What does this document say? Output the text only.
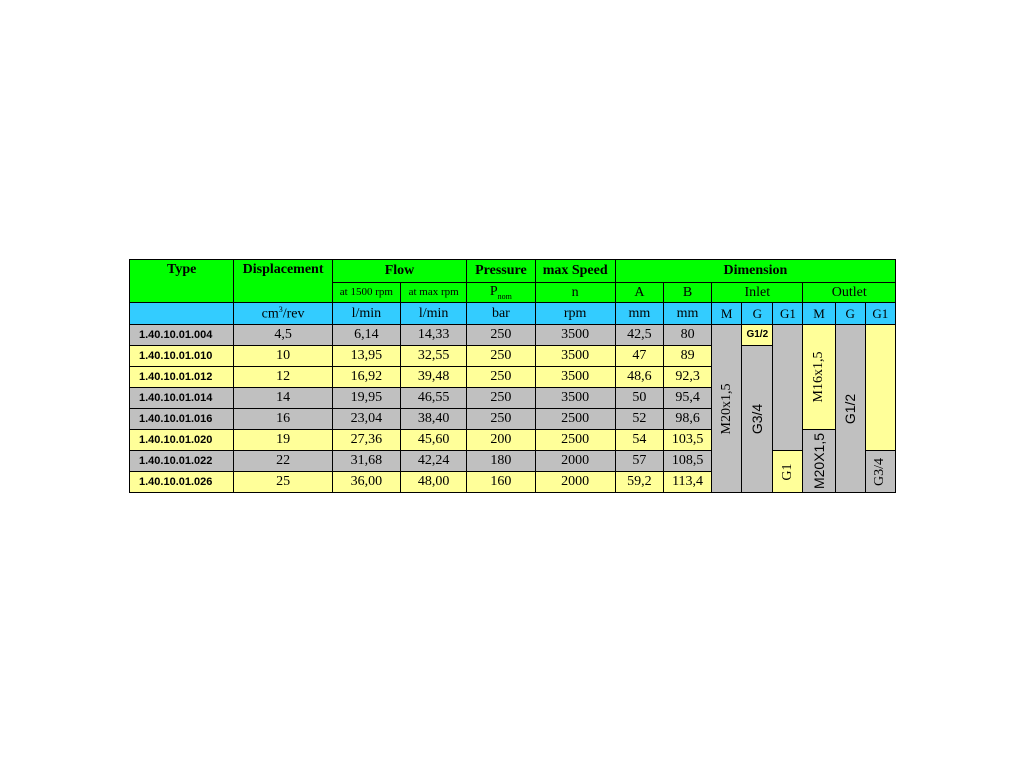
Type	Displacement	Flow		Pressure	max Speed	Dimension							
		at 1500 rpm	at max rpm	$P_{nom}$	n	A	B	Inlet			Outlet		
	$cm^3$/rev	l/min	l/min	bar	rpm	mm	mm	M	G	G1	M	G	G1
1.40.10.01.004	4,5	6,14	14,33	250	3500	42,5	80	M20x1,5	G1/2		M16x1,5	G1/2	

1.40.10.01.010	10	13,95	32,55	250	3500	47	89		G3/4				

1.40.10.01.012	12	16,92	39,48	250	3500	48,6	92,3						
1.40.10.01.014	14	19,95	46,55	250	3500	50	95,4						
1.40.10.01.016	16	23,04	38,40	250	2500	52	98,6						
1.40.10.01.020	19	27,36	45,60	200	2500	54	103,5				M20X1,5		

1.40.10.01.022	22	31,68	42,24	180	2000	57	108,5			G1			G3/4

1.40.10.01.026	25	36,00	48,00	160	2000	59,2	113,4						
